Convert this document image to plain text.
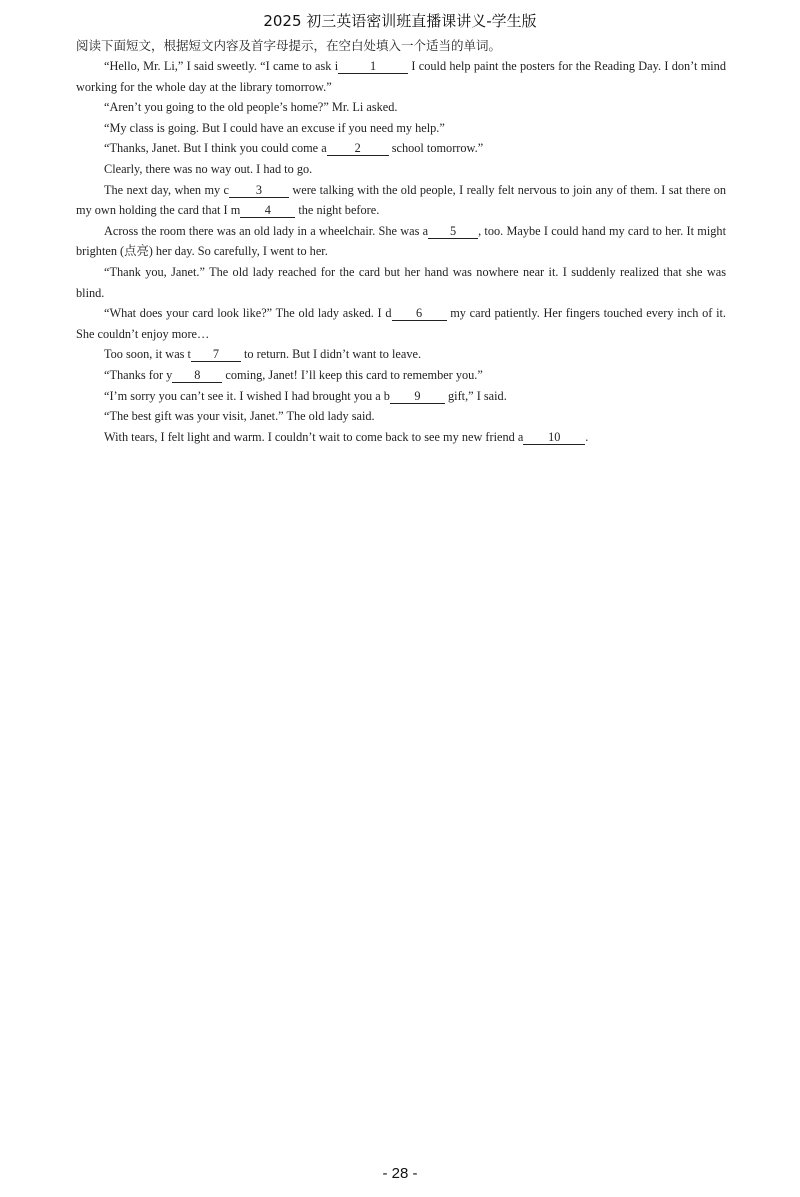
2025 初三英语密训班直播课讲义-学生版
阅读下面短文，根据短文内容及首字母提示，在空白处填入一个适当的单词。

“Hello, Mr. Li,” I said sweetly. “I came to ask i	1	I could help paint the posters for the Reading Day. I don’t mind working for the whole day at the library tomorrow.”

“Aren’t you going to the old people’s home?” Mr. Li asked.

“My class is going. But I could have an excuse if you need my help.”

“Thanks, Janet. But I think you could come a 2 school tomorrow.”

Clearly, there was no way out. I had to go.

The next day, when my c 3 were talking with the old people, I really felt nervous to join any of them. I sat there on my own holding the card that I m 4 the night before.

Across the room there was an old lady in a wheelchair. She was a 5 , too. Maybe I could hand my card to her. It might brighten (点亮) her day. So carefully, I went to her.

“Thank you, Janet.” The old lady reached for the card but her hand was nowhere near it. I suddenly realized that she was blind.

“What does your card look like?” The old lady asked. I d 6 my card patiently. Her fingers touched every inch of it. She couldn’t enjoy more…

Too soon, it was t 7 to return. But I didn’t want to leave.

“Thanks for y 8 coming, Janet! I’ll keep this card to remember you.”

“I’m sorry you can’t see it. I wished I had brought you a b 9 gift,” I said.

“The best gift was your visit, Janet.” The old lady said.

With tears, I felt light and warm. I couldn’t wait to come back to see my new friend a 10 .

- 28 -
